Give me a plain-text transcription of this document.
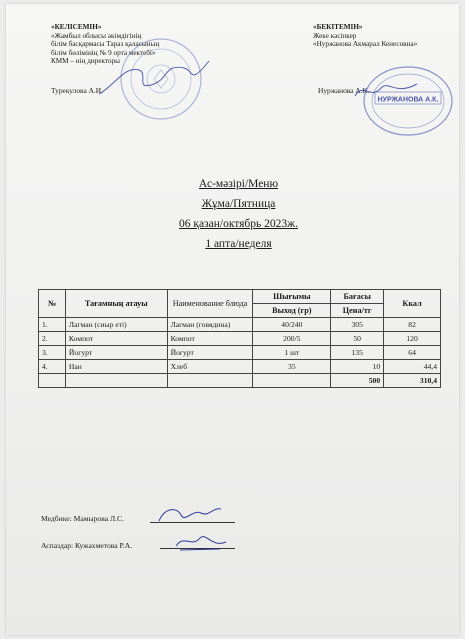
«КЕЛІСЕМІН»
«Жамбыл облысы әкімдігінің
білім басқармасы Тараз қаласының
білім бөлімінің № 9 орта мектебі»
КММ – нің директоры
Турекулова А.И.
«БЕКІТЕМІН»
Жеке кәсіпкер
«Нуржанова Акмарал Кенесовна»
Нуржанова А.К.
НУРЖАНОВА А.К.
Ас-мәзірі/Меню
Жұма/Пятница
06 қазан/октябрь 2023ж.
1 апта/неделя
№	Тағамның атауы	Наименование блюда	Шығымы	Бағасы	Ккал
			Выход (гр)	Цена/тг	
1.	Лагман (сиыр еті)	Лагман (говядина)	40/240	305	82
2.	Компот	Компот	200/5	50	120
3.	Йогурт	Йогурт	1 шт	135	64
4.	Нан	Хлеб	35	10	44,4
				500	310,4
Медбике: Мамырова Л.С.
Аспаздар: Кужахметова Р.А.
